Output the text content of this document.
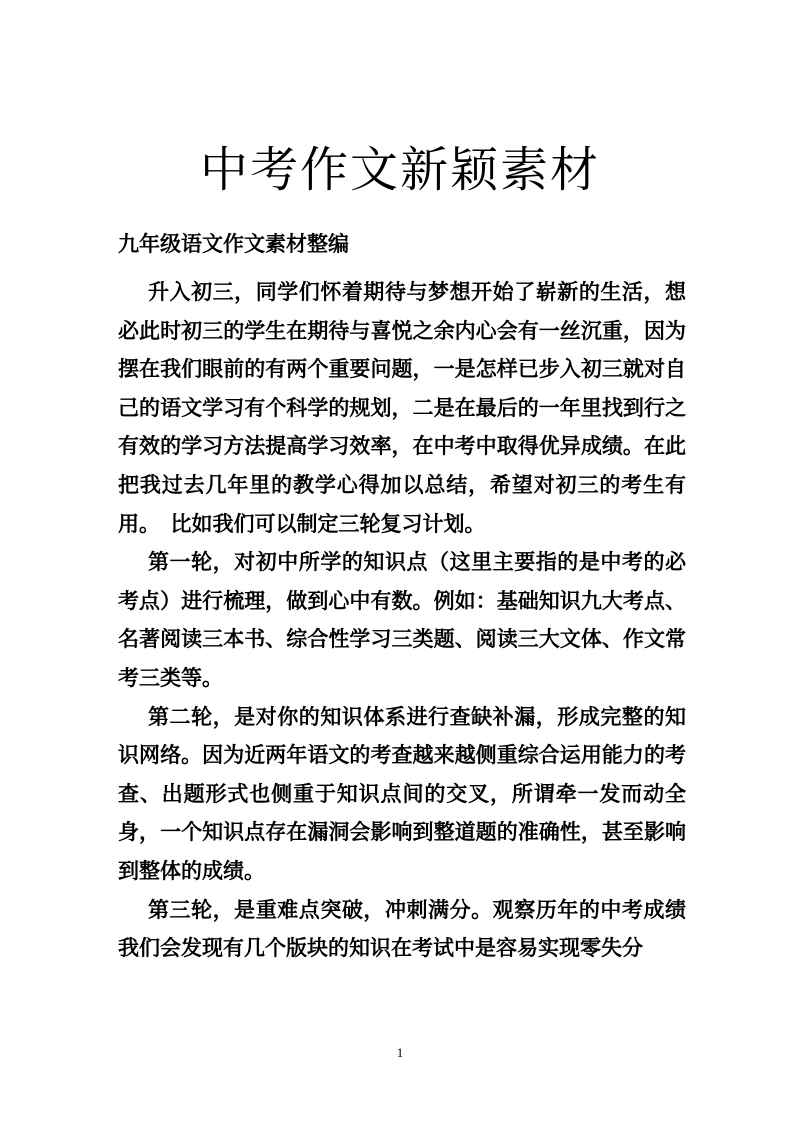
中考作文新颖素材
九年级语文作文素材整编

升入初三，同学们怀着期待与梦想开始了崭新的生活，想必此时初三的学生在期待与喜悦之余内心会有一丝沉重，因为摆在我们眼前的有两个重要问题，一是怎样已步入初三就对自己的语文学习有个科学的规划，二是在最后的一年里找到行之有效的学习方法提高学习效率，在中考中取得优异成绩。在此把我过去几年里的教学心得加以总结，希望对初三的考生有用。　比如我们可以制定三轮复习计划。

第一轮，对初中所学的知识点（这里主要指的是中考的必考点）进行梳理，做到心中有数。例如：基础知识九大考点、名著阅读三本书、综合性学习三类题、阅读三大文体、作文常考三类等。

第二轮，是对你的知识体系进行查缺补漏，形成完整的知识网络。因为近两年语文的考查越来越侧重综合运用能力的考查、出题形式也侧重于知识点间的交叉，所谓牵一发而动全身，一个知识点存在漏洞会影响到整道题的准确性，甚至影响到整体的成绩。

第三轮，是重难点突破，冲刺满分。观察历年的中考成绩我们会发现有几个版块的知识在考试中是容易实现零失分

1
